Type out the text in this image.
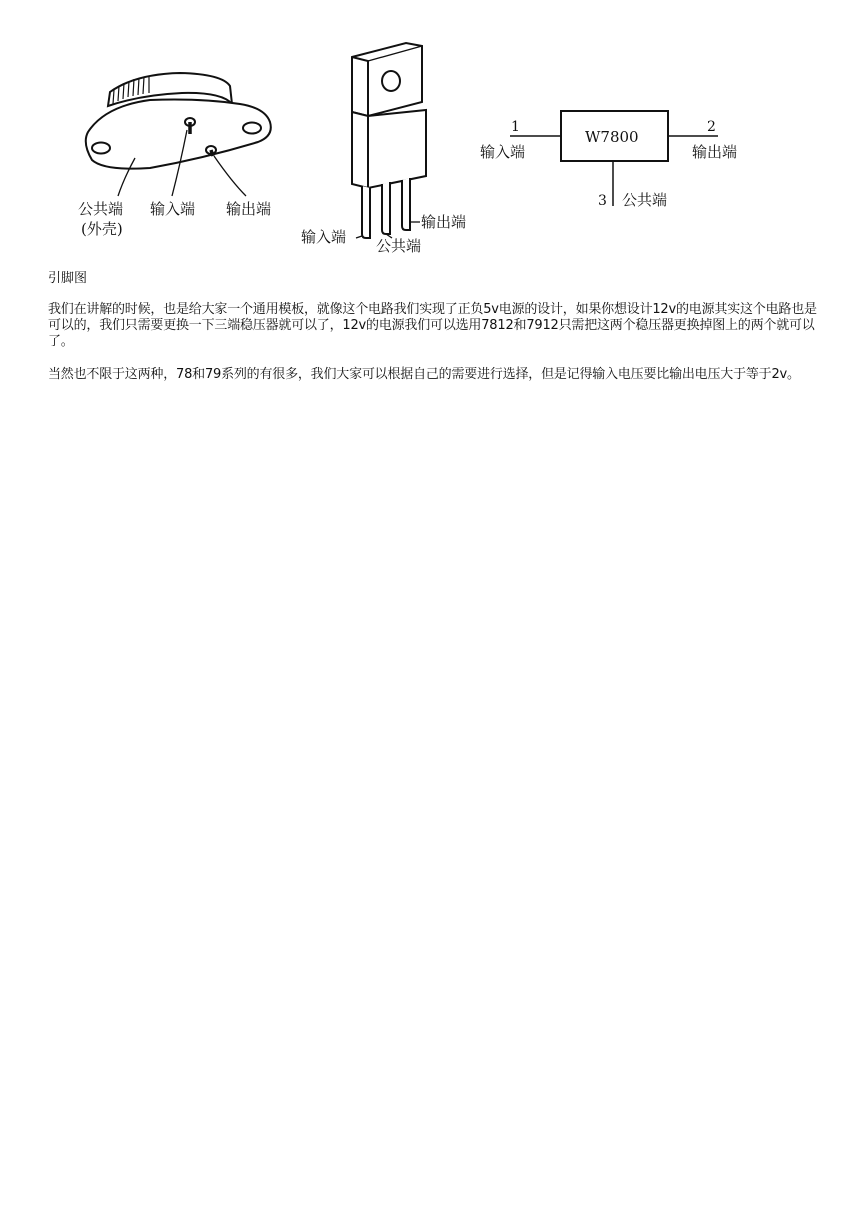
公共端
(外壳)
输入端 输出端
输入端 公共端
输出端
W7800
1	2
3
输入端	输出端
公共端
引脚图

我们在讲解的时候，也是给大家一个通用模板，就像这个电路我们实现了正负5v电源的设计，如果你想设计12v的电源其实这个电路也是可以的，我们只需要更换一下三端稳压器就可以了，12v的电源我们可以选用7812和7912只需把这两个稳压器更换掉图上的两个就可以了。

当然也不限于这两种，78和79系列的有很多，我们大家可以根据自己的需要进行选择，但是记得输入电压要比输出电压大于等于2v。
